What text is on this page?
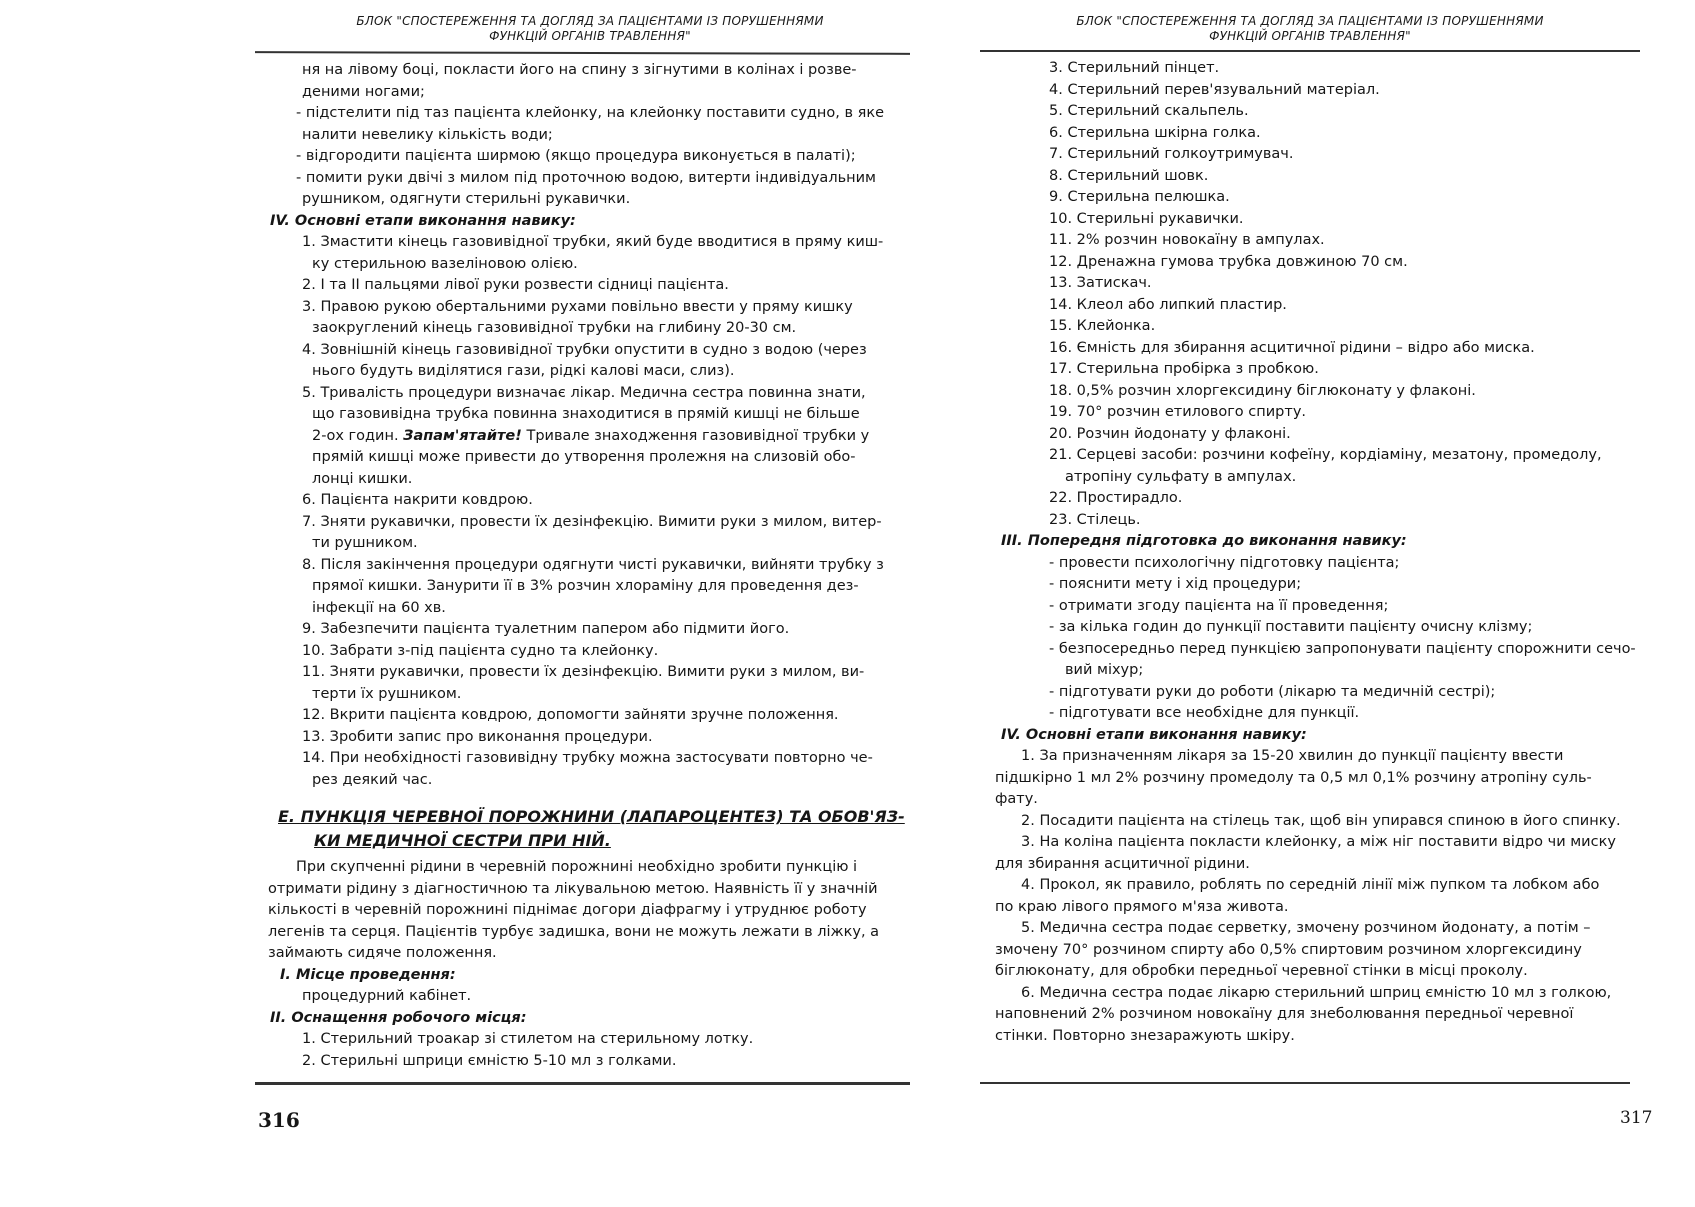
БЛОК "СПОСТЕРЕЖЕННЯ ТА ДОГЛЯД ЗА ПАЦІЄНТАМИ ІЗ ПОРУШЕННЯМИ
ФУНКЦІЙ ОРГАНІВ ТРАВЛЕННЯ"
ня на лівому боці, покласти його на спину з зігнутими в колінах і розве-
деними ногами;
- підстелити під таз пацієнта клейонку, на клейонку поставити судно, в яке
налити невелику кількість води;
- відгородити пацієнта ширмою (якщо процедура виконується в палаті);
- помити руки двічі з милом під проточною водою, витерти індивідуальним
рушником, одягнути стерильні рукавички.
IV. Основні етапи виконання навику:
1. Змастити кінець газовивідної трубки, який буде вводитися в пряму киш-
ку стерильною вазеліновою олією.
2. І та ІІ пальцями лівої руки розвести сідниці пацієнта.
3. Правою рукою обертальними рухами повільно ввести у пряму кишку
заокруглений кінець газовивідної трубки на глибину 20-30 см.
4. Зовнішній кінець газовивідної трубки опустити в судно з водою (через
нього будуть виділятися гази, рідкі калові маси, слиз).
5. Тривалість процедури визначає лікар. Медична сестра повинна знати,
що газовивідна трубка повинна знаходитися в прямій кишці не більше
2-ох годин. Запам'ятайте! Тривале знаходження газовивідної трубки у
прямій кишці може привести до утворення пролежня на слизовій обо-
лонці кишки.
6. Пацієнта накрити ковдрою.
7. Зняти рукавички, провести їх дезінфекцію. Вимити руки з милом, витер-
ти рушником.
8. Після закінчення процедури одягнути чисті рукавички, вийняти трубку з
прямої кишки. Занурити її в 3% розчин хлораміну для проведення дез-
інфекції на 60 хв.
9. Забезпечити пацієнта туалетним папером або підмити його.
10. Забрати з-під пацієнта судно та клейонку.
11. Зняти рукавички, провести їх дезінфекцію. Вимити руки з милом, ви-
терти їх рушником.
12. Вкрити пацієнта ковдрою, допомогти зайняти зручне положення.
13. Зробити запис про виконання процедури.
14. При необхідності газовивідну трубку можна застосувати повторно че-
рез деякий час.
Е. ПУНКЦІЯ ЧЕРЕВНОЇ ПОРОЖНИНИ (ЛАПАРОЦЕНТЕЗ) ТА ОБОВ'ЯЗ-
КИ МЕДИЧНОЇ СЕСТРИ ПРИ НІЙ.
При скупченні рідини в черевній порожнині необхідно зробити пункцію і
отримати рідину з діагностичною та лікувальною метою. Наявність її у значній
кількості в черевній порожнині піднімає догори діафрагму і утруднює роботу
легенів та серця. Пацієнтів турбує задишка, вони не можуть лежати в ліжку, а
займають сидяче положення.
І. Місце проведення:
процедурний кабінет.
ІІ. Оснащення робочого місця:
1. Стерильний троакар зі стилетом на стерильному лотку.
2. Стерильні шприци ємністю 5-10 мл з голками.
316
БЛОК "СПОСТЕРЕЖЕННЯ ТА ДОГЛЯД ЗА ПАЦІЄНТАМИ ІЗ ПОРУШЕННЯМИ
ФУНКЦІЙ ОРГАНІВ ТРАВЛЕННЯ"
3. Стерильний пінцет.
4. Стерильний перев'язувальний матеріал.
5. Стерильний скальпель.
6. Стерильна шкірна голка.
7. Стерильний голкоутримувач.
8. Стерильний шовк.
9. Стерильна пелюшка.
10. Стерильні рукавички.
11. 2% розчин новокаїну в ампулах.
12. Дренажна гумова трубка довжиною 70 см.
13. Затискач.
14. Клеол або липкий пластир.
15. Клейонка.
16. Ємність для збирання асцитичної рідини – відро або миска.
17. Стерильна пробірка з пробкою.
18. 0,5% розчин хлоргексидину біглюконату у флаконі.
19. 70° розчин етилового спирту.
20. Розчин йодонату у флаконі.
21. Серцеві засоби: розчини кофеїну, кордіаміну, мезатону, промедолу,
атропіну сульфату в ампулах.
22. Простирадло.
23. Стілець.
ІІІ. Попередня підготовка до виконання навику:
- провести психологічну підготовку пацієнта;
- пояснити мету і хід процедури;
- отримати згоду пацієнта на її проведення;
- за кілька годин до пункції поставити пацієнту очисну клізму;
- безпосередньо перед пункцією запропонувати пацієнту спорожнити сечо-
вий міхур;
- підготувати руки до роботи (лікарю та медичній сестрі);
- підготувати все необхідне для пункції.
IV. Основні етапи виконання навику:
1. За призначенням лікаря за 15-20 хвилин до пункції пацієнту ввести
підшкірно 1 мл 2% розчину промедолу та 0,5 мл 0,1% розчину атропіну суль-
фату.
2. Посадити пацієнта на стілець так, щоб він упирався спиною в його спинку.
3. На коліна пацієнта покласти клейонку, а між ніг поставити відро чи миску
для збирання асцитичної рідини.
4. Прокол, як правило, роблять по середній лінії між пупком та лобком або
по краю лівого прямого м'яза живота.
5. Медична сестра подає серветку, змочену розчином йодонату, а потім –
змочену 70° розчином спирту або 0,5% спиртовим розчином хлоргексидину
біглюконату, для обробки передньої черевної стінки в місці проколу.
6. Медична сестра подає лікарю стерильний шприц ємністю 10 мл з голкою,
наповнений 2% розчином новокаїну для знеболювання передньої черевної
стінки. Повторно знезаражують шкіру.
317
